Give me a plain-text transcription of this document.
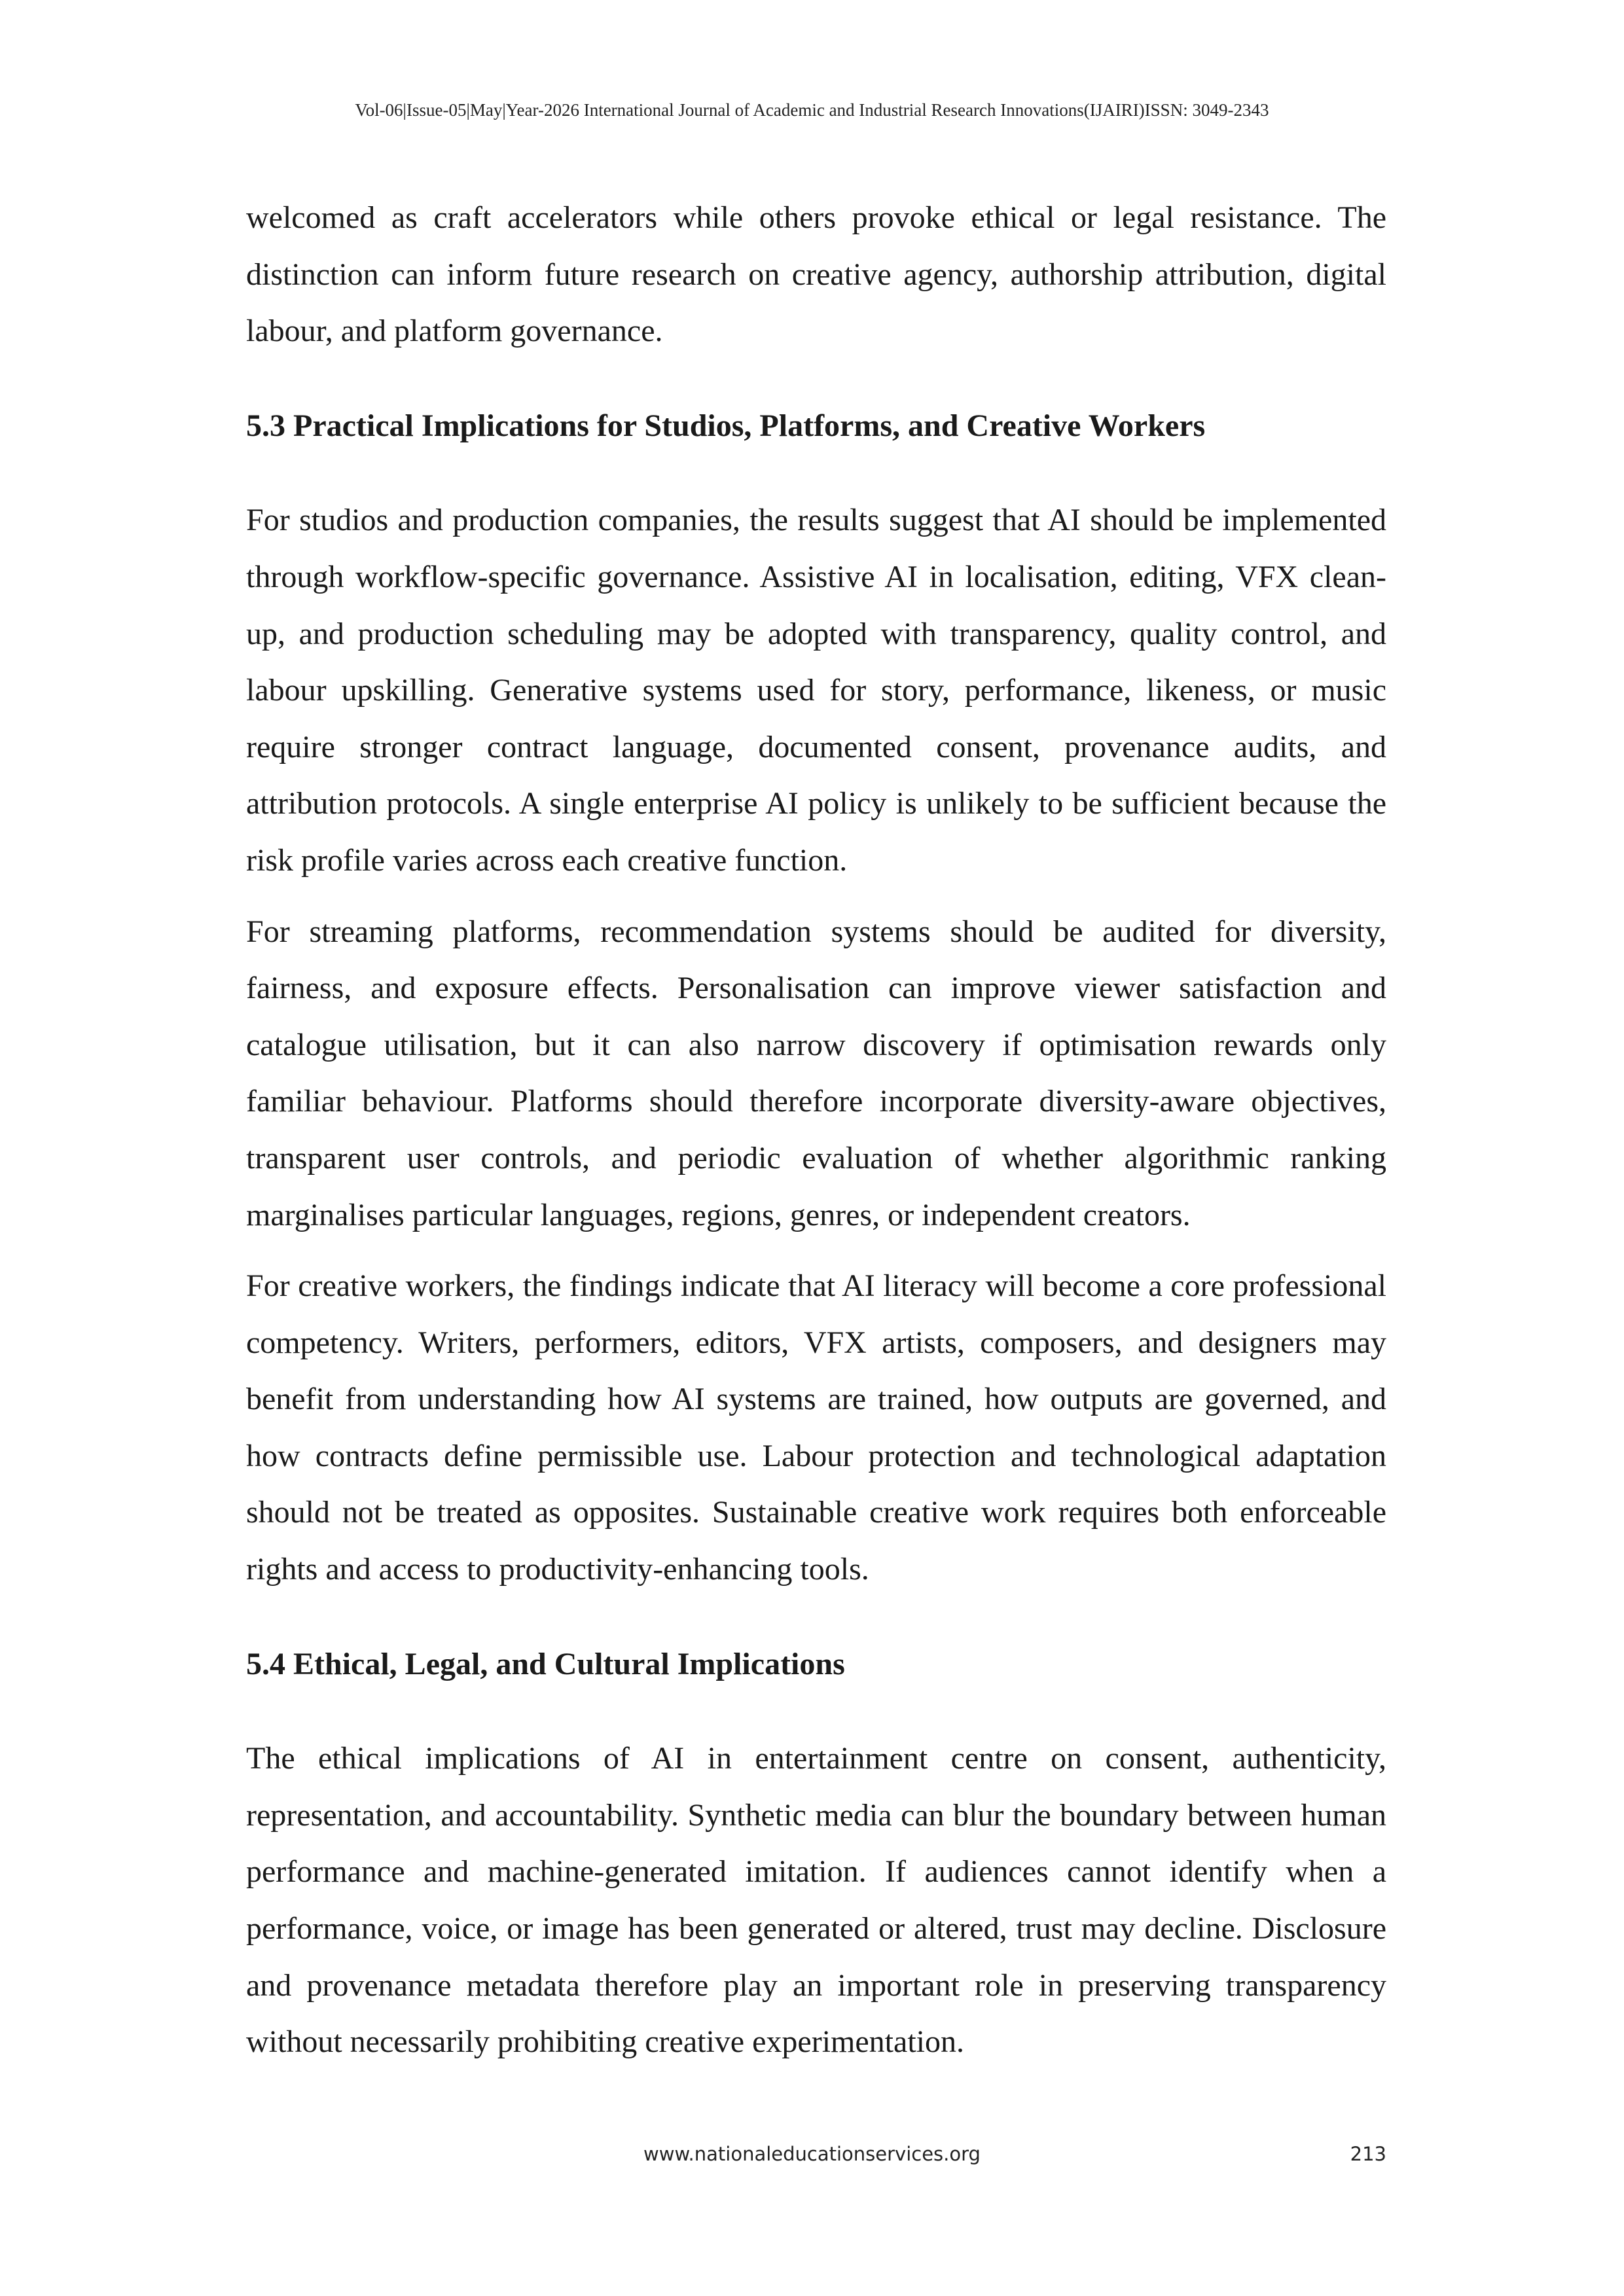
Vol-06|Issue-05|May|Year-2026 International Journal of Academic and Industrial Research Innovations(IJAIRI)ISSN: 3049-2343

welcomed as craft accelerators while others provoke ethical or legal resistance. The distinction can inform future research on creative agency, authorship attribution, digital labour, and platform governance.

5.3 Practical Implications for Studios, Platforms, and Creative Workers

For studios and production companies, the results suggest that AI should be implemented through workflow-specific governance. Assistive AI in localisation, editing, VFX clean-up, and production scheduling may be adopted with transparency, quality control, and labour upskilling. Generative systems used for story, performance, likeness, or music require stronger contract language, documented consent, provenance audits, and attribution protocols. A single enterprise AI policy is unlikely to be sufficient because the risk profile varies across each creative function.

For streaming platforms, recommendation systems should be audited for diversity, fairness, and exposure effects. Personalisation can improve viewer satisfaction and catalogue utilisation, but it can also narrow discovery if optimisation rewards only familiar behaviour. Platforms should therefore incorporate diversity-aware objectives, transparent user controls, and periodic evaluation of whether algorithmic ranking marginalises particular languages, regions, genres, or independent creators.

For creative workers, the findings indicate that AI literacy will become a core professional competency. Writers, performers, editors, VFX artists, composers, and designers may benefit from understanding how AI systems are trained, how outputs are governed, and how contracts define permissible use. Labour protection and technological adaptation should not be treated as opposites. Sustainable creative work requires both enforceable rights and access to productivity-enhancing tools.

5.4 Ethical, Legal, and Cultural Implications

The ethical implications of AI in entertainment centre on consent, authenticity, representation, and accountability. Synthetic media can blur the boundary between human performance and machine-generated imitation. If audiences cannot identify when a performance, voice, or image has been generated or altered, trust may decline. Disclosure and provenance metadata therefore play an important role in preserving transparency without necessarily prohibiting creative experimentation.

www.nationaleducationservices.org	213
